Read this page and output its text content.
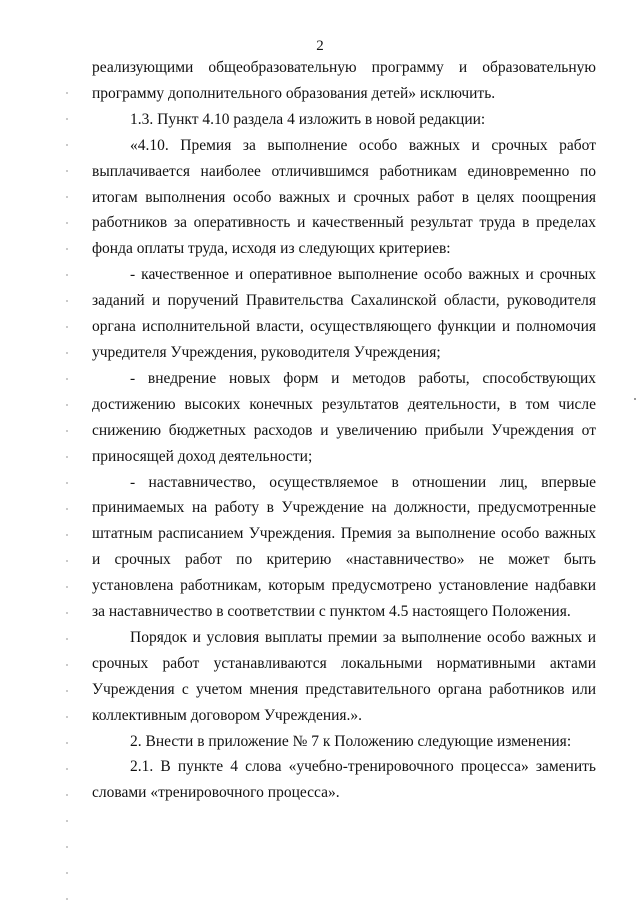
2

реализующими общеобразовательную программу и образовательную программу дополнительного образования детей» исключить.

1.3. Пункт 4.10 раздела 4 изложить в новой редакции:

«4.10. Премия за выполнение особо важных и срочных работ выплачивается наиболее отличившимся работникам единовременно по итогам выполнения особо важных и срочных работ в целях поощрения работников за оперативность и качественный результат труда в пределах фонда оплаты труда, исходя из следующих критериев:

- качественное и оперативное выполнение особо важных и срочных заданий и поручений Правительства Сахалинской области, руководителя органа исполнительной власти, осуществляющего функции и полномочия учредителя Учреждения, руководителя Учреждения;

- внедрение новых форм и методов работы, способствующих достижению высоких конечных результатов деятельности, в том числе снижению бюджетных расходов и увеличению прибыли Учреждения от приносящей доход деятельности;

- наставничество, осуществляемое в отношении лиц, впервые принимаемых на работу в Учреждение на должности, предусмотренные штатным расписанием Учреждения. Премия за выполнение особо важных и срочных работ по критерию «наставничество» не может быть установлена работникам, которым предусмотрено установление надбавки за наставничество в соответствии с пунктом 4.5 настоящего Положения.

Порядок и условия выплаты премии за выполнение особо важных и срочных работ устанавливаются локальными нормативными актами Учреждения с учетом мнения представительного органа работников или коллективным договором Учреждения.».

2. Внести в приложение № 7 к Положению следующие изменения:

2.1. В пункте 4 слова «учебно-тренировочного процесса» заменить словами «тренировочного процесса».
